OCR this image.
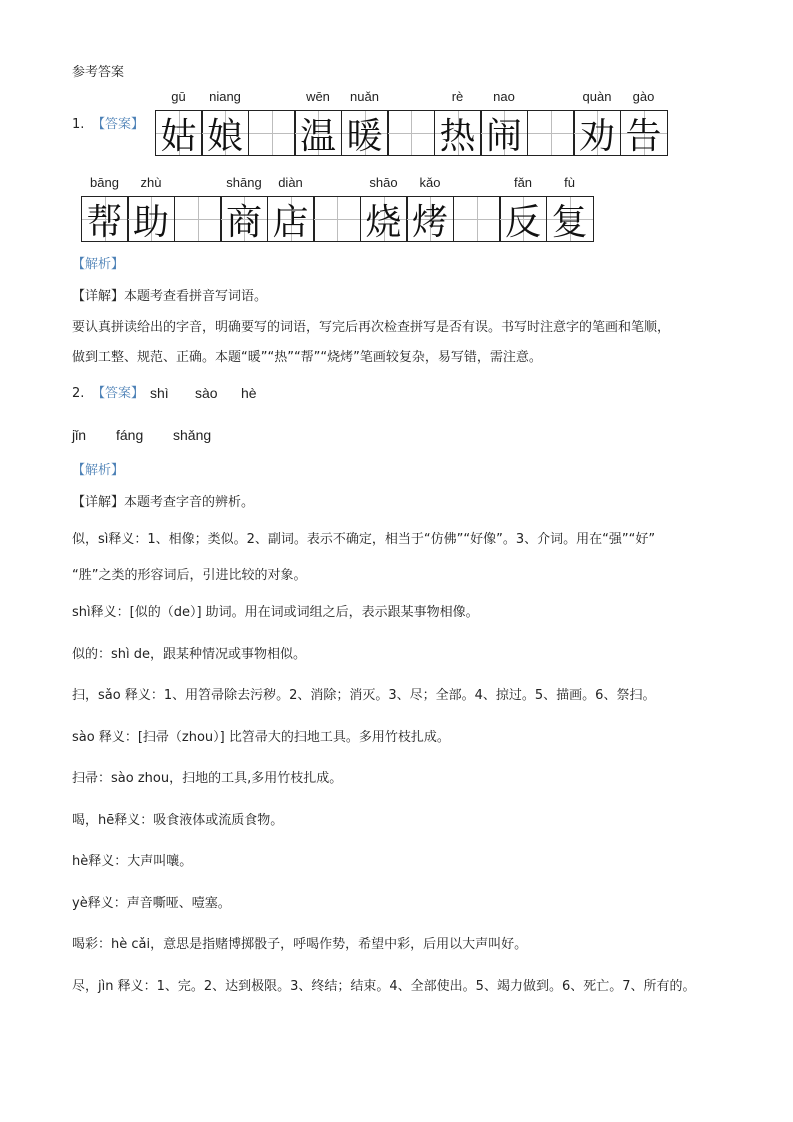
参考答案
1. 【答案】
gū
姑
niang
娘
wēn
温
nuǎn
暖
rè
热
nao
闹
quàn
劝
gào
告
bāng
帮
zhù
助
shāng
商
diàn
店
shāo
烧
kǎo
烤
fǎn
反
fù
复
【解析】
【详解】本题考查看拼音写词语。
要认真拼读给出的字音，明确要写的词语，写完后再次检查拼写是否有误。书写时注意字的笔画和笔顺，
做到工整、规范、正确。本题“暖”“热”“帮”“烧烤”笔画较复杂，易写错，需注意。
2. 【答案】 shì sào hè
jǐn fáng shǎng
【解析】
【详解】本题考查字音的辨析。
似，sì释义：1、相像；类似。2、副词。表示不确定，相当于“仿佛”“好像”。3、介词。用在“强”“好”
“胜”之类的形容词后，引进比较的对象。
shì释义：[似的（de）] 助词。用在词或词组之后，表示跟某事物相像。
似的：shì de，跟某种情况或事物相似。
扫，sǎo 释义：1、用笤帚除去污秽。2、消除；消灭。3、尽；全部。4、掠过。5、描画。6、祭扫。
sào 释义：[扫帚（zhou）] 比笤帚大的扫地工具。多用竹枝扎成。
扫帚：sào zhou，扫地的工具,多用竹枝扎成。
喝，hē释义：吸食液体或流质食物。
hè释义：大声叫嚷。
yè释义：声音嘶哑、噎塞。
喝彩：hè cǎi，意思是指赌博掷骰子，呼喝作势，希望中彩，后用以大声叫好。
尽，jìn 释义：1、完。2、达到极限。3、终结；结束。4、全部使出。5、竭力做到。6、死亡。7、所有的。
